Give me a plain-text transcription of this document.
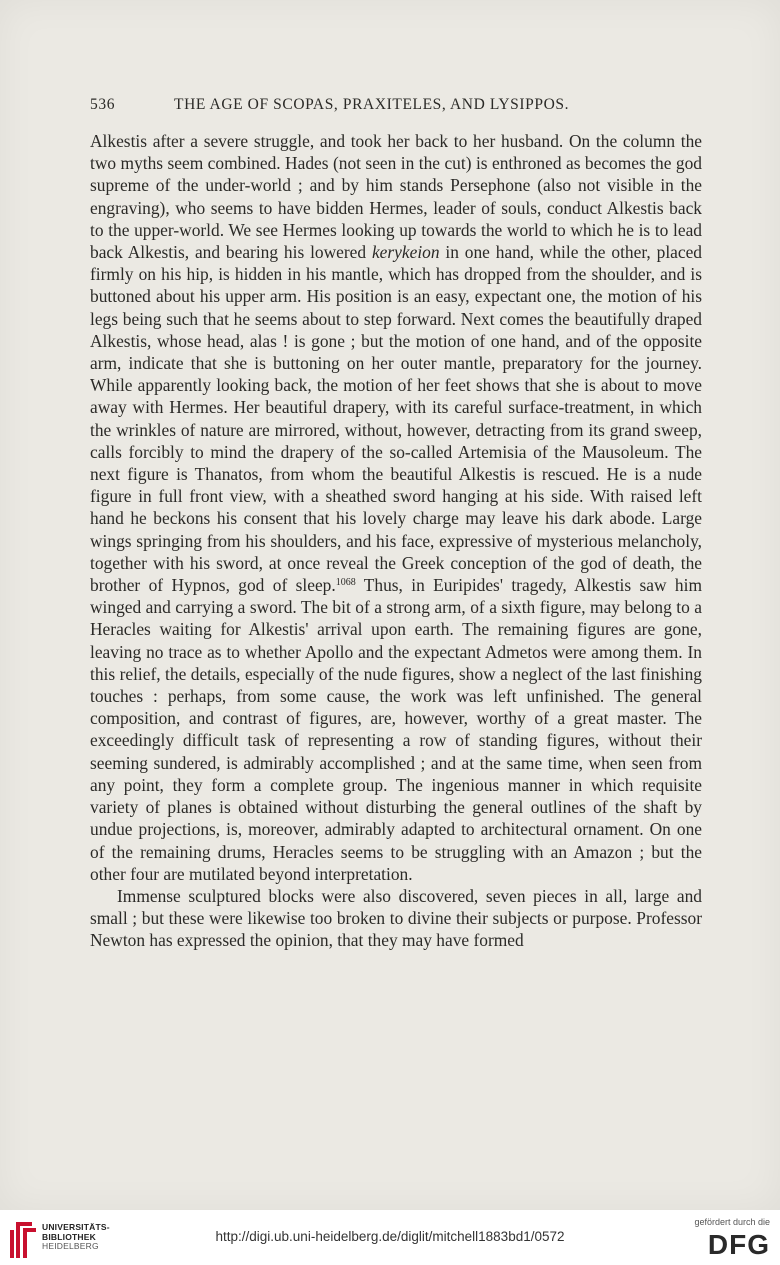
536	THE AGE OF SCOPAS, PRAXITELES, AND LYSIPPOS.

Alkestis after a severe struggle, and took her back to her husband. On the column the two myths seem combined. Hades (not seen in the cut) is enthroned as becomes the god supreme of the under-world ; and by him stands Persephone (also not visible in the engraving), who seems to have bidden Hermes, leader of souls, conduct Alkestis back to the upper-world. We see Hermes looking up towards the world to which he is to lead back Alkestis, and bearing his lowered kerykeion in one hand, while the other, placed firmly on his hip, is hidden in his mantle, which has dropped from the shoulder, and is buttoned about his upper arm. His position is an easy, expectant one, the motion of his legs being such that he seems about to step forward. Next comes the beautifully draped Alkestis, whose head, alas ! is gone ; but the motion of one hand, and of the opposite arm, indicate that she is buttoning on her outer mantle, preparatory for the journey. While apparently looking back, the motion of her feet shows that she is about to move away with Hermes. Her beautiful drapery, with its careful surface-treatment, in which the wrinkles of nature are mirrored, without, however, detracting from its grand sweep, calls forcibly to mind the drapery of the so-called Artemisia of the Mausoleum. The next figure is Thanatos, from whom the beautiful Alkestis is rescued. He is a nude figure in full front view, with a sheathed sword hanging at his side. With raised left hand he beckons his consent that his lovely charge may leave his dark abode. Large wings springing from his shoulders, and his face, expressive of mysterious melancholy, together with his sword, at once reveal the Greek conception of the god of death, the brother of Hypnos, god of sleep.$^{1068}$ Thus, in Euripides' tragedy, Alkestis saw him winged and carrying a sword. The bit of a strong arm, of a sixth figure, may belong to a Heracles waiting for Alkestis' arrival upon earth. The remaining figures are gone, leaving no trace as to whether Apollo and the expectant Admetos were among them. In this relief, the details, especially of the nude figures, show a neglect of the last finishing touches : perhaps, from some cause, the work was left unfinished. The general composition, and contrast of figures, are, however, worthy of a great master. The exceedingly difficult task of representing a row of standing figures, without their seeming sundered, is admirably accomplished ; and at the same time, when seen from any point, they form a complete group. The ingenious manner in which requisite variety of planes is obtained without disturbing the general outlines of the shaft by undue projections, is, moreover, admirably adapted to architectural ornament. On one of the remaining drums, Heracles seems to be struggling with an Amazon ; but the other four are mutilated beyond interpretation.

Immense sculptured blocks were also discovered, seven pieces in all, large and small ; but these were likewise too broken to divine their subjects or purpose. Professor Newton has expressed the opinion, that they may have formed

UNIVERSITÄTS-
BIBLIOTHEK
HEIDELBERG
http://digi.ub.uni-heidelberg.de/diglit/mitchell1883bd1/0572
gefördert durch die
DFG
